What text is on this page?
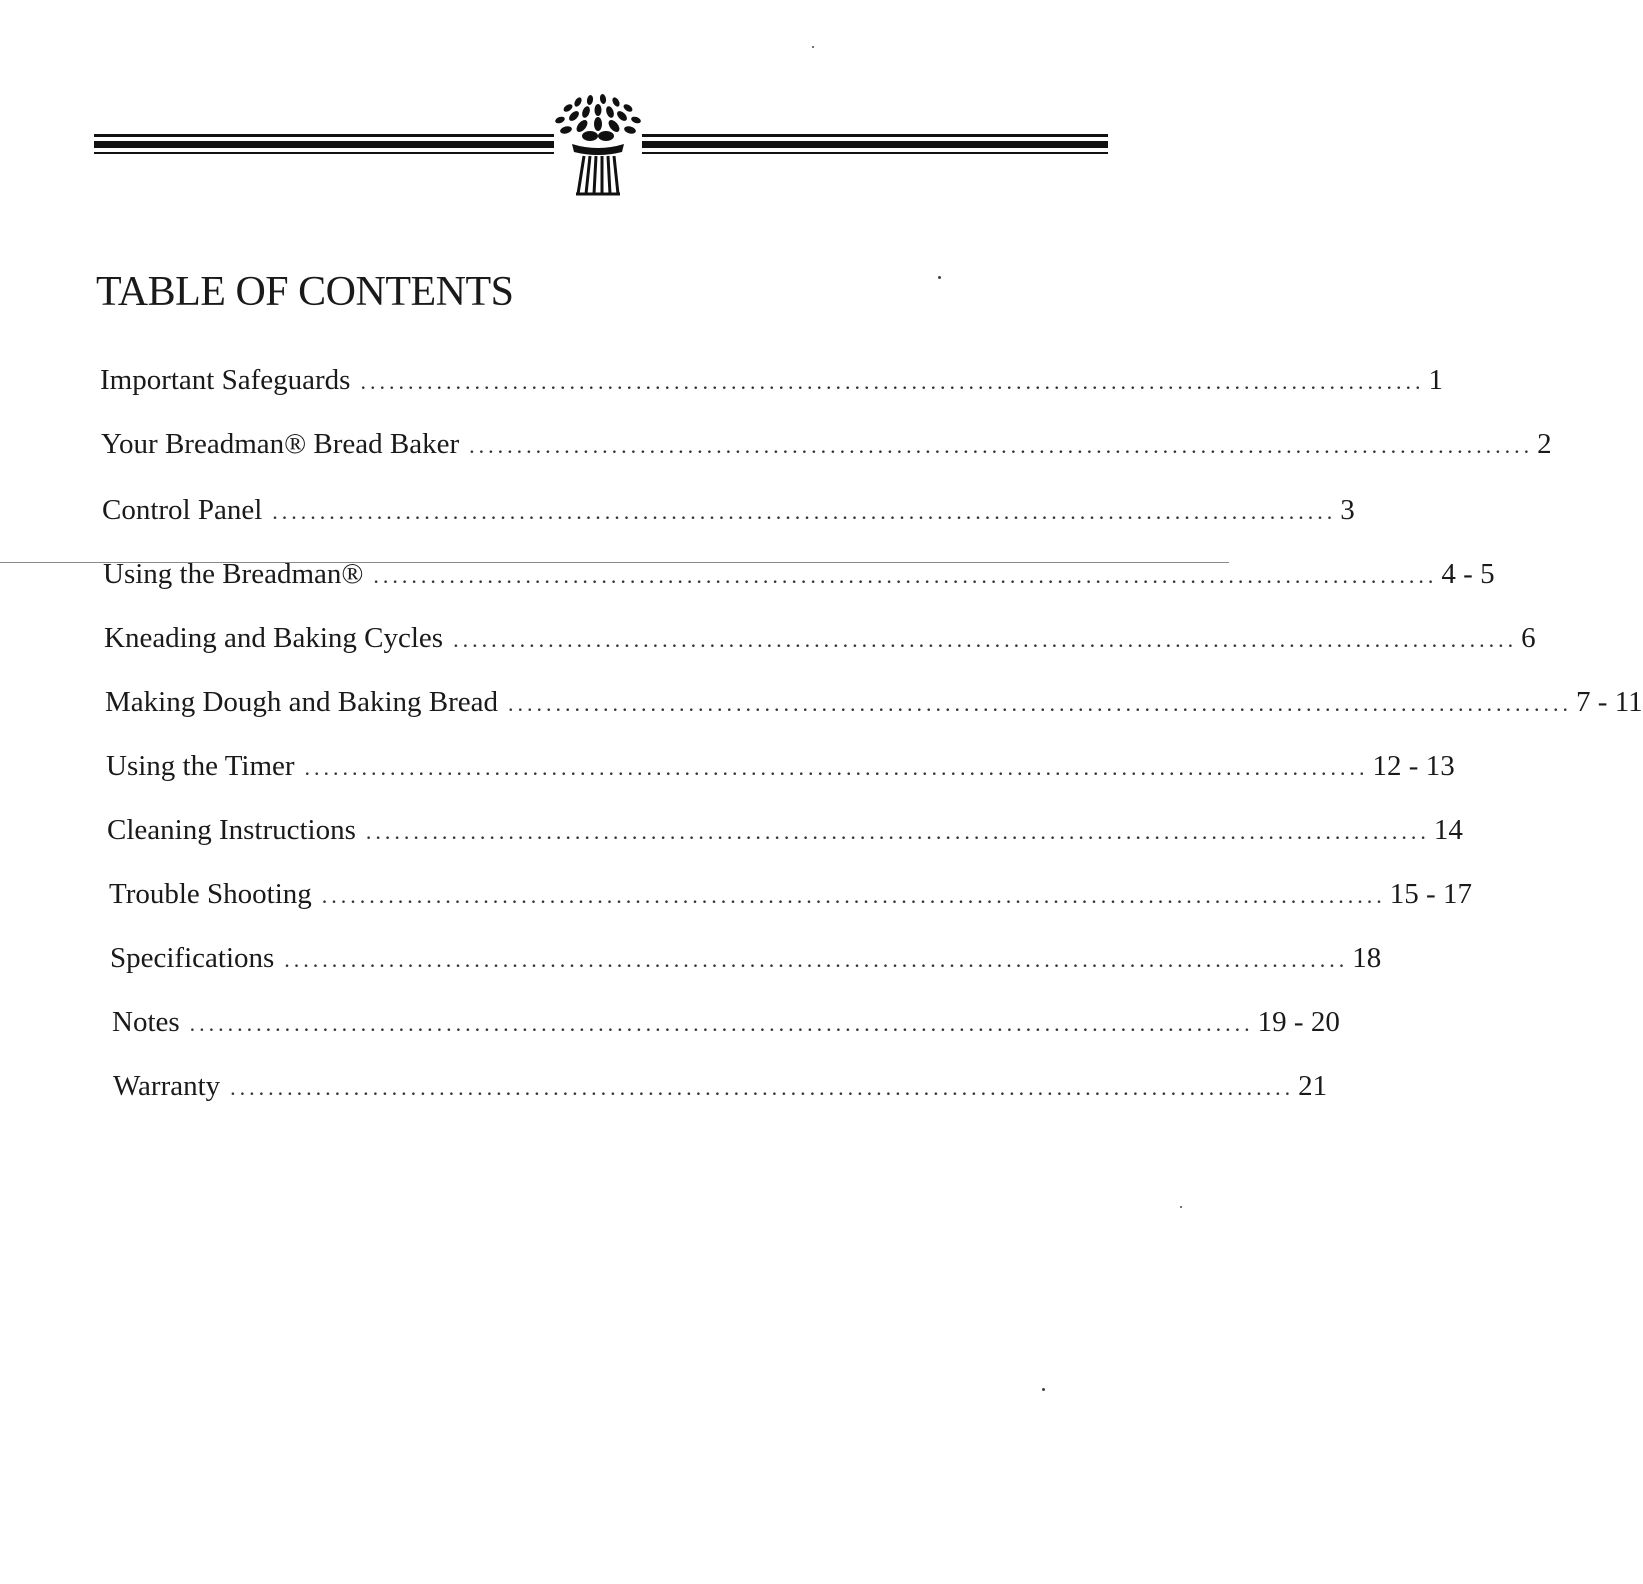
TABLE OF CONTENTS
Important Safeguards ................................................................................................................ 1
Your Breadman® Bread Baker ................................................................................................................ 2
Control Panel ................................................................................................................ 3
Using the Breadman® ................................................................................................................ 4 - 5
Kneading and Baking Cycles ................................................................................................................ 6
Making Dough and Baking Bread ................................................................................................................ 7 - 11
Using the Timer ................................................................................................................ 12 - 13
Cleaning Instructions ................................................................................................................ 14
Trouble Shooting ................................................................................................................ 15 - 17
Specifications ................................................................................................................ 18
Notes ................................................................................................................ 19 - 20
Warranty ................................................................................................................ 21
